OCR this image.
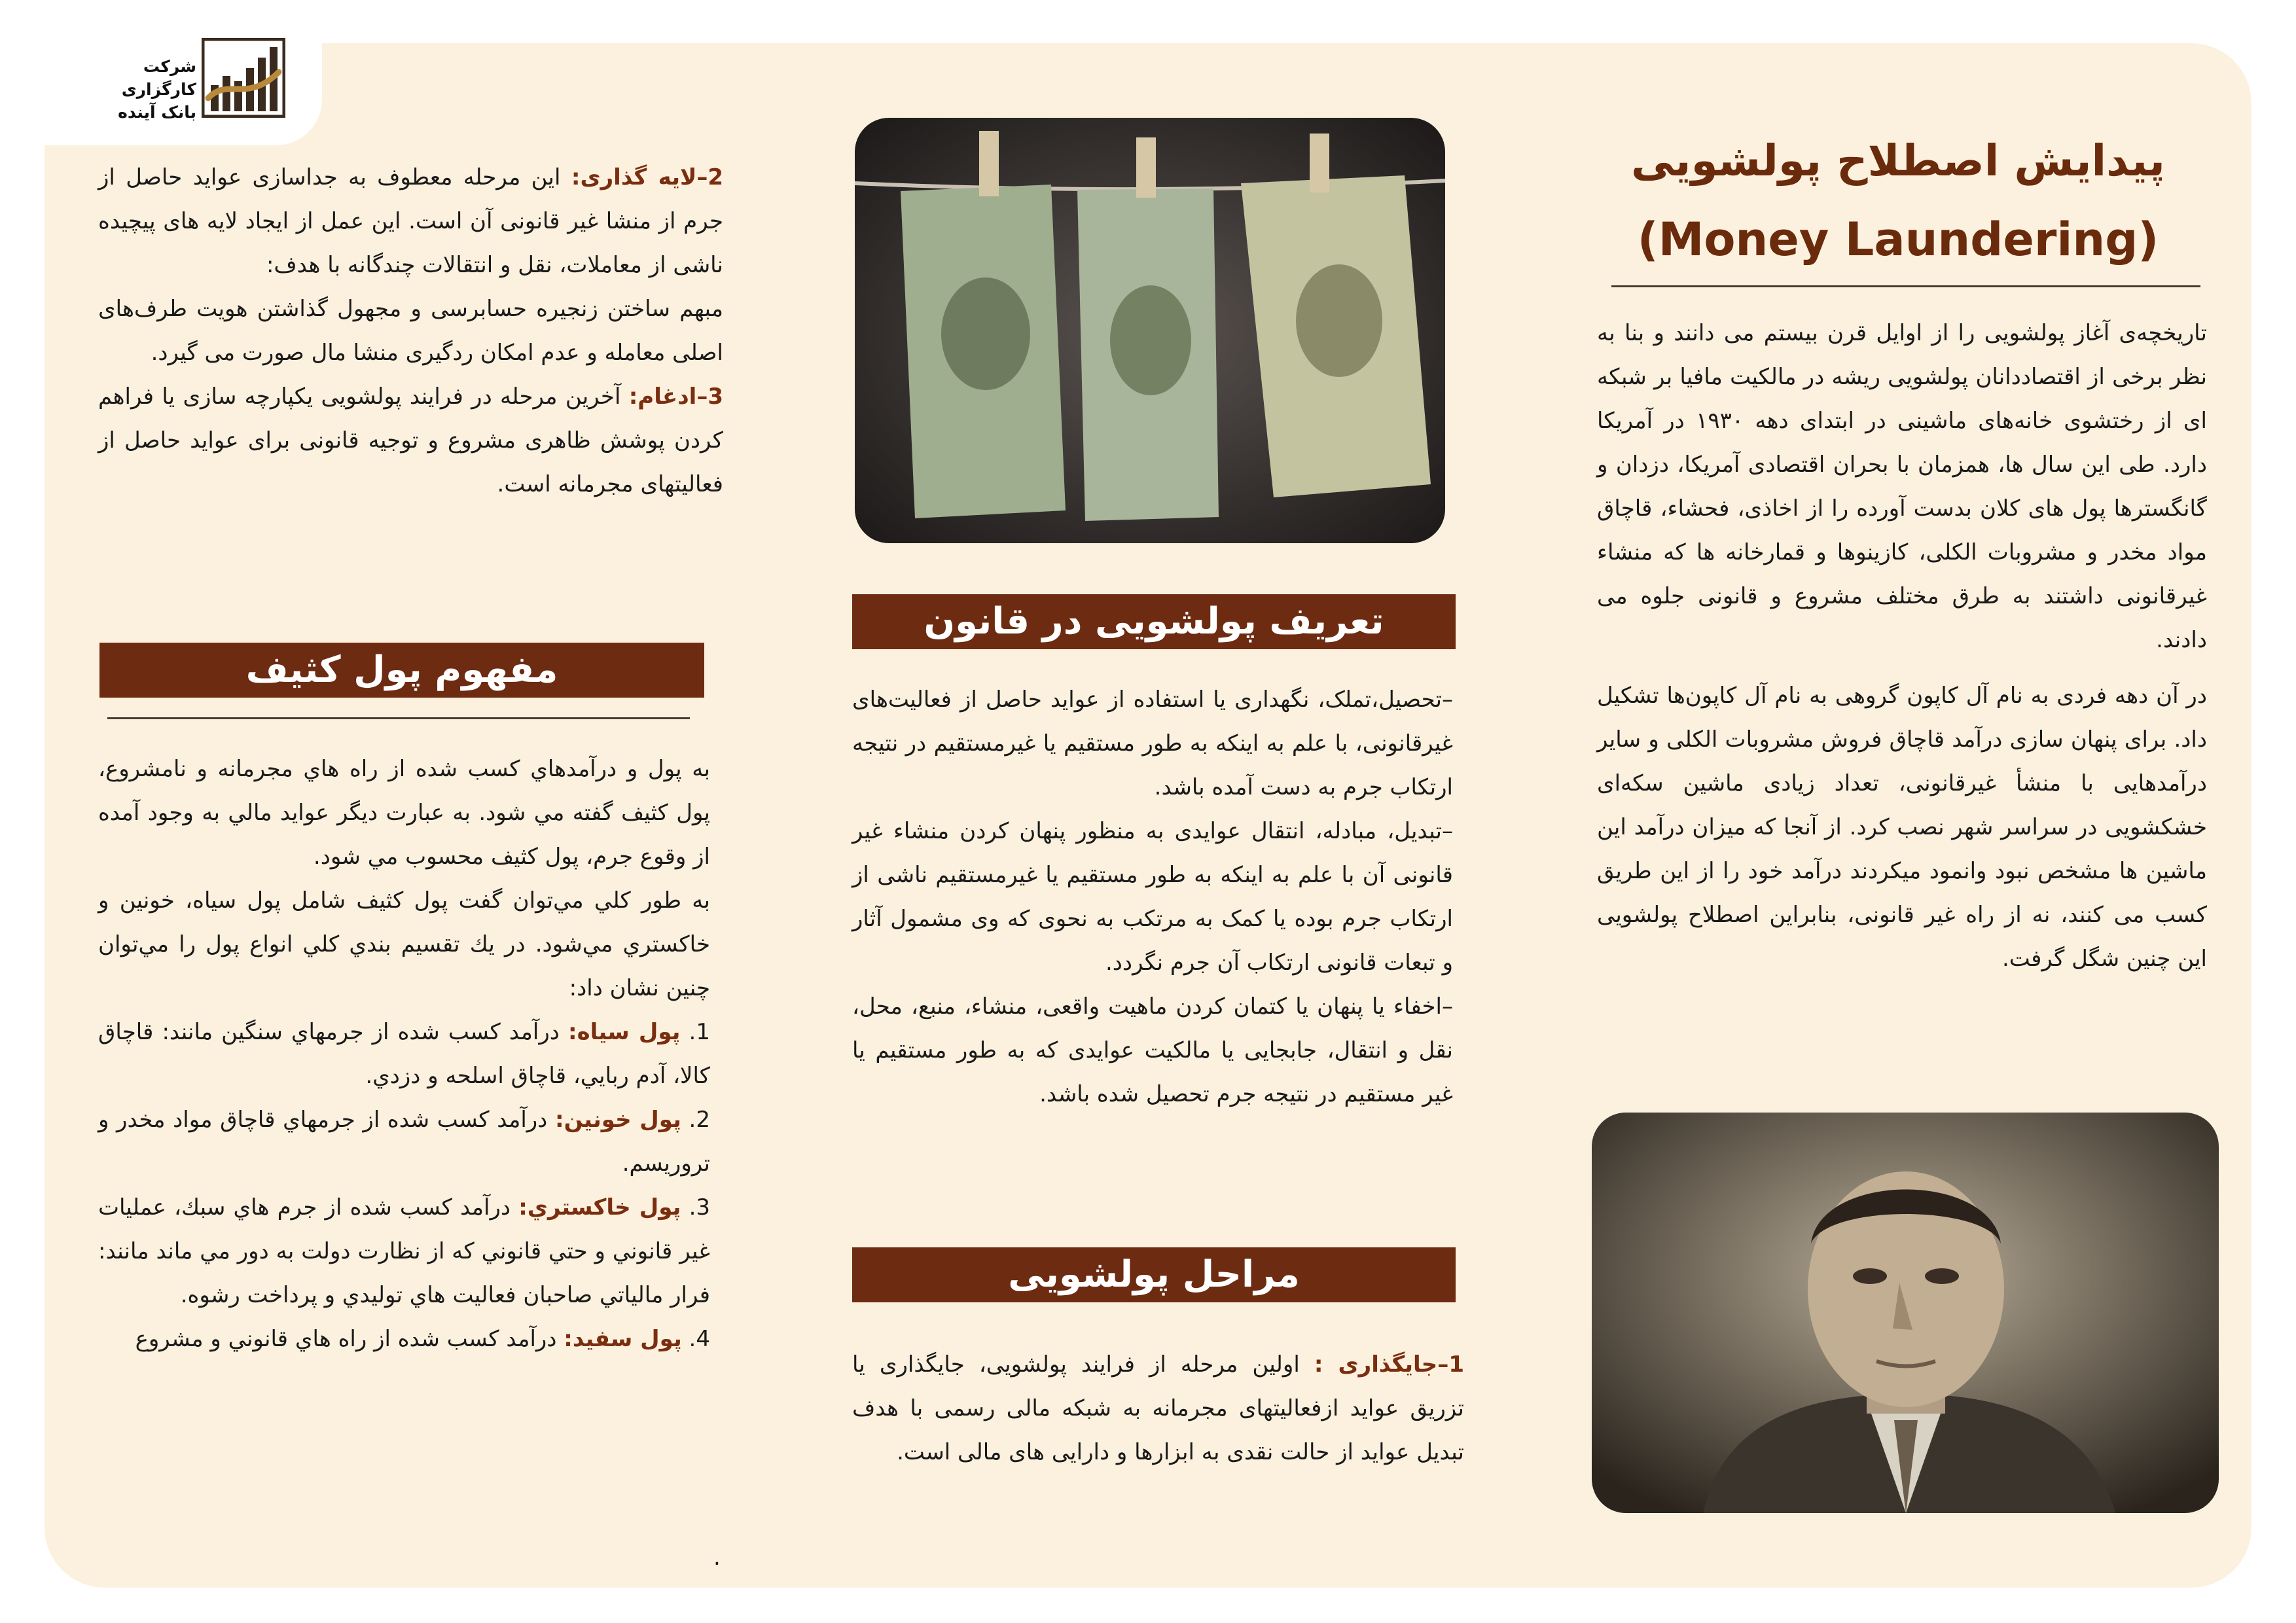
شرکت کارگزاری
بانک آینده
پیدایش اصطلاح پولشویی
(Money Laundering)

تاریخچه‌ی آغاز پولشویی را از اوایل قرن بیستم می دانند و بنا به نظر برخی از اقتصاددانان پولشویی ریشه در مالکیت مافیا بر شبکه ای از رختشوی خانه‌های ماشینی در ابتدای دهه ۱۹۳۰ در آمریکا دارد. طی این سال ها، همزمان با بحران اقتصادی آمریکا، دزدان و گانگسترها پول های کلان بدست آورده را از اخاذی، فحشاء، قاچاق مواد مخدر و مشروبات الکلی، کازینوها و قمارخانه ها که منشاء غیرقانونی داشتند به طرق مختلف مشروع و قانونی جلوه می دادند.

در آن دهه فردی به نام آل کاپون گروهی به نام آل کاپون‌ها تشکیل داد. برای پنهان سازی درآمد قاچاق فروش مشروبات الکلی و سایر درآمدهایی با منشأ غیرقانونی، تعداد زیادی ماشین سکه‌ای خشکشویی در سراسر شهر نصب کرد. از آنجا که میزان درآمد این ماشین ها مشخص نبود وانمود میکردند درآمد خود را از این طریق کسب می کنند، نه از راه غیر قانونی، بنابراین اصطلاح پولشویی این چنین شگل گرفت.

تعریف پولشویی در قانون

–تحصیل،تملک، نگهداری یا استفاده از عواید حاصل از فعالیت‌های غیرقانونی، با علم به اینکه به طور مستقیم یا غیرمستقیم در نتیجه ارتکاب جرم به دست آمده باشد.

–تبدیل، مبادله، انتقال عوایدی به منظور پنهان کردن منشاء غیر قانونی آن با علم به اینکه به طور مستقیم یا غیرمستقیم ناشی از ارتکاب جرم بوده یا کمک به مرتکب به نحوی که وی مشمول آثار و تبعات قانونی ارتکاب آن جرم نگردد.

–اخفاء یا پنهان یا کتمان کردن ماهیت واقعی، منشاء، منبع، محل، نقل و انتقال، جابجایی یا مالکیت عوایدی که به طور مستقیم یا غیر مستقیم در نتیجه جرم تحصیل شده باشد.

مراحل پولشویی

1–جایگذاری : اولین مرحله از فرایند پولشویی، جایگذاری یا تزریق عواید ازفعالیتهای مجرمانه به شبکه مالی رسمی با هدف تبدیل عواید از حالت نقدی به ابزارها و دارایی های مالی است.

2–لایه گذاری: این مرحله معطوف به جداسازی عواید حاصل از جرم از منشا غیر قانونی آن است. این عمل از ایجاد لایه های پیچیده ناشی از معاملات، نقل و انتقالات چندگانه با هدف:

مبهم ساختن زنجیره حسابرسی و مجهول گذاشتن هویت طرف‌های اصلی معامله و عدم امکان ردگیری منشا مال صورت می گیرد.

3–ادغام: آخرین مرحله در فرایند پولشویی یکپارچه سازی یا فراهم کردن پوشش ظاهری مشروع و توجیه قانونی برای عواید حاصل از فعالیتهای مجرمانه است.

مفهوم پول کثیف

به پول و درآمدهاي كسب شده از راه هاي مجرمانه و نامشروع، پول كثيف گفته مي شود. به عبارت ديگر عوايد مالي به وجود آمده از وقوع جرم، پول كثيف محسوب مي شود.

به طور كلي مي‌توان گفت پول كثيف شامل پول سياه، خونين و خاكستري مي‌شود. در يك تقسيم بندي كلي انواع پول را مي‌توان چنين نشان داد:

1. پول سياه: درآمد كسب شده از جرمهاي سنگين مانند: قاچاق كالا، آدم ربايي، قاچاق اسلحه و دزدي.

2. پول خونين: درآمد كسب شده از جرمهاي قاچاق مواد مخدر و تروريسم.

3. پول خاكستري: درآمد كسب شده از جرم هاي سبك، عمليات غير قانوني و حتي قانوني كه از نظارت دولت به دور مي ماند مانند: فرار مالياتي صاحبان فعاليت هاي توليدي و پرداخت رشوه.

4. پول سفيد: درآمد كسب شده از راه هاي قانوني و مشروع

.
